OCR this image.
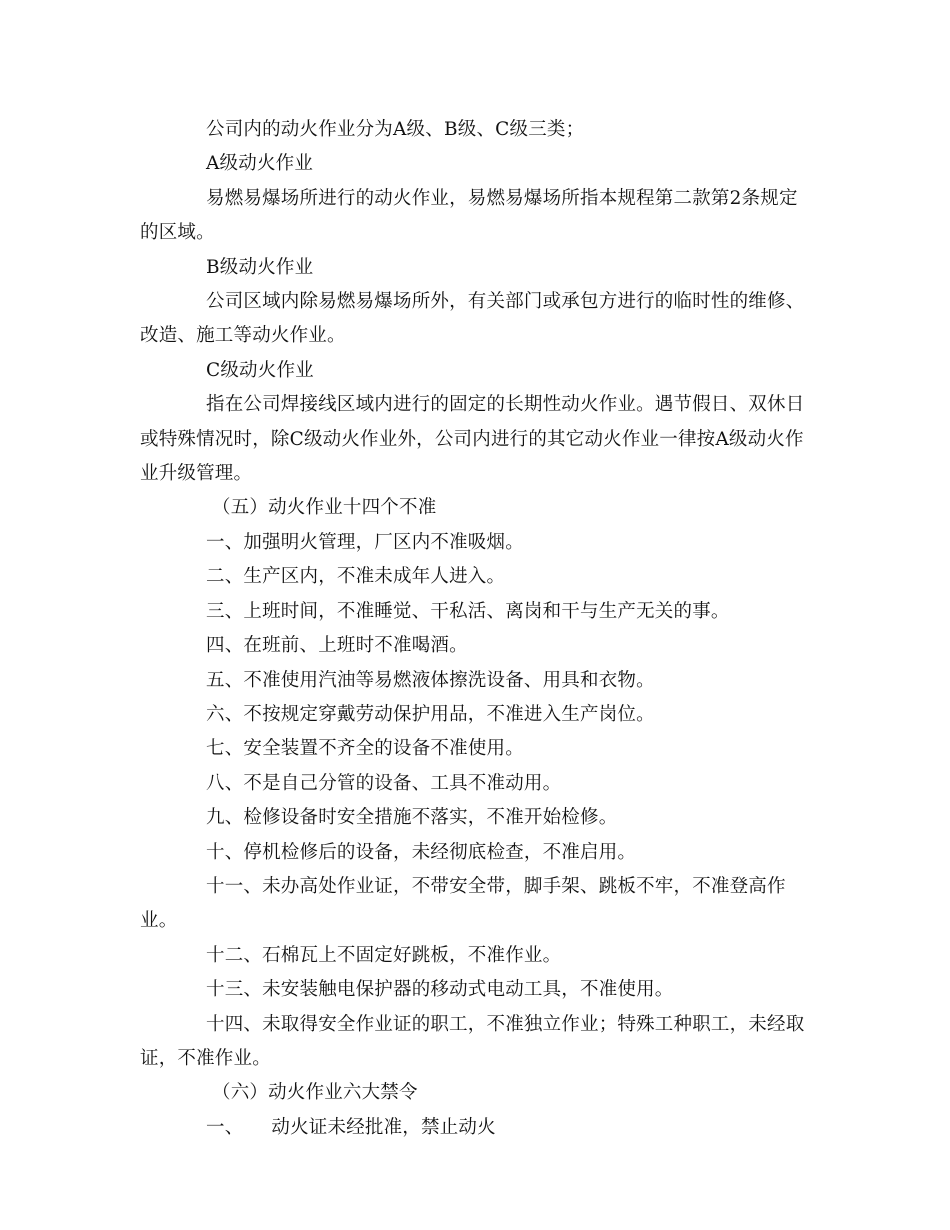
公司内的动火作业分为A级、B级、C级三类；

A级动火作业

易燃易爆场所进行的动火作业，易燃易爆场所指本规程第二款第2条规定的区域。

B级动火作业

公司区域内除易燃易爆场所外，有关部门或承包方进行的临时性的维修、改造、施工等动火作业。

C级动火作业

指在公司焊接线区域内进行的固定的长期性动火作业。遇节假日、双休日或特殊情况时，除C级动火作业外，公司内进行的其它动火作业一律按A级动火作业升级管理。

（五）动火作业十四个不准

一、加强明火管理，厂区内不准吸烟。

二、生产区内，不准未成年人进入。

三、上班时间，不准睡觉、干私活、离岗和干与生产无关的事。

四、在班前、上班时不准喝酒。

五、不准使用汽油等易燃液体擦洗设备、用具和衣物。

六、不按规定穿戴劳动保护用品，不准进入生产岗位。

七、安全装置不齐全的设备不准使用。

八、不是自己分管的设备、工具不准动用。

九、检修设备时安全措施不落实，不准开始检修。

十、停机检修后的设备，未经彻底检查，不准启用。

十一、未办高处作业证，不带安全带，脚手架、跳板不牢，不准登高作业。

十二、石棉瓦上不固定好跳板，不准作业。

十三、未安装触电保护器的移动式电动工具，不准使用。

十四、未取得安全作业证的职工，不准独立作业；特殊工种职工，未经取证，不准作业。

（六）动火作业六大禁令

一、 动火证未经批准，禁止动火
